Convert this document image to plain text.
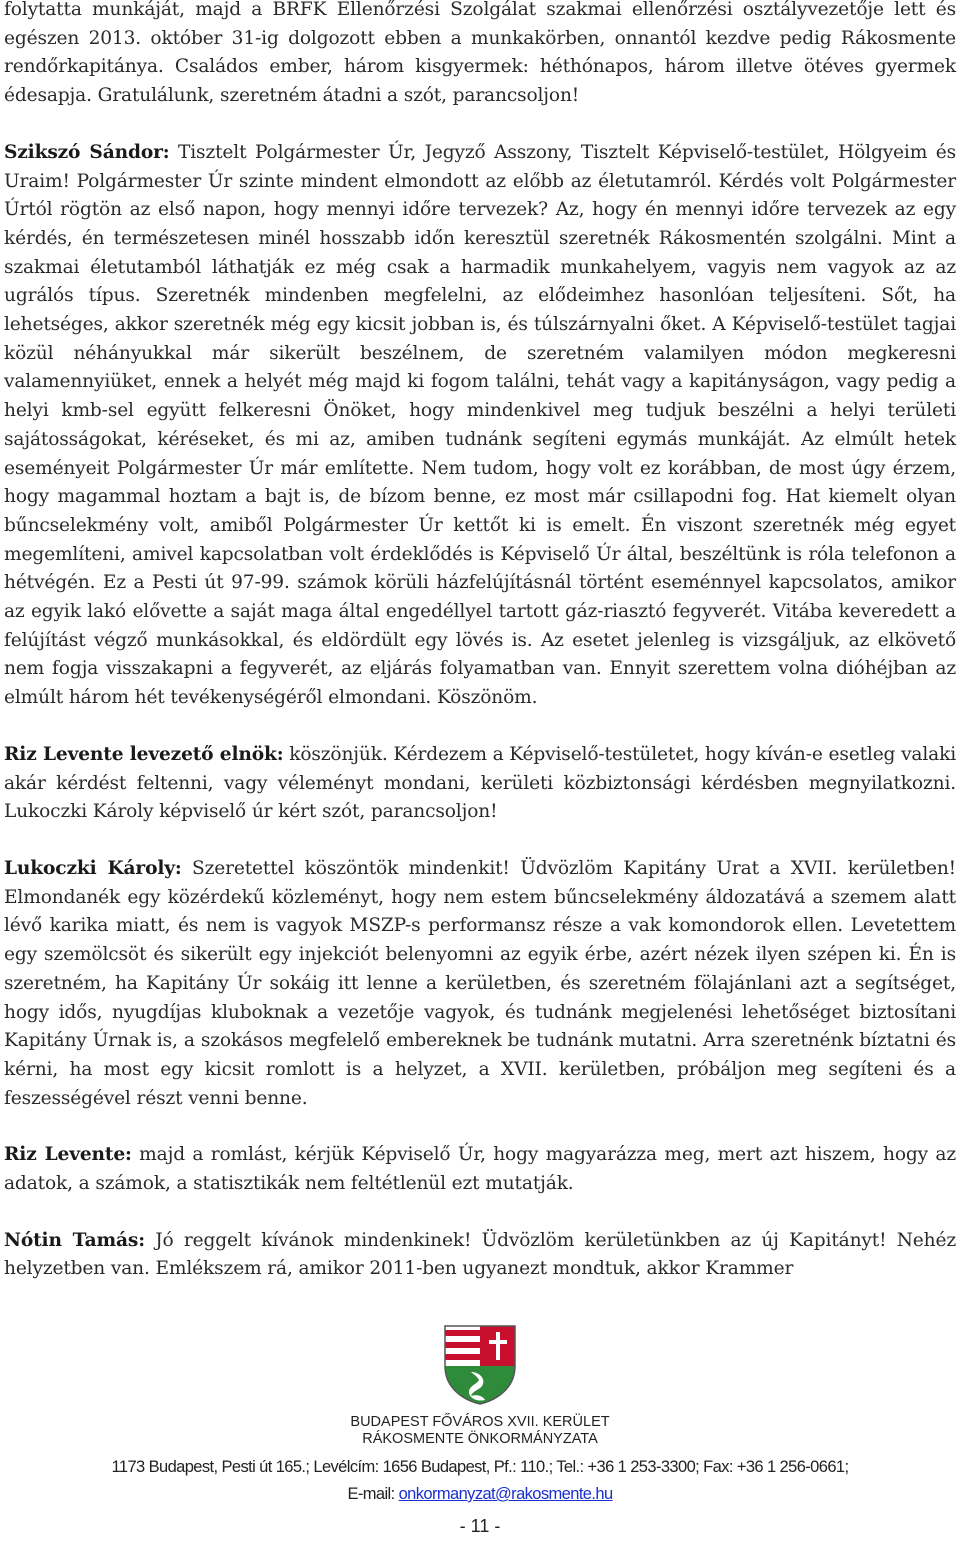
folytatta munkáját, majd a BRFK Ellenőrzési Szolgálat szakmai ellenőrzési osztályvezetője lett és egészen 2013. október 31-ig dolgozott ebben a munkakörben, onnantól kezdve pedig Rákosmente rendőrkapitánya. Családos ember, három kisgyermek: héthónapos, három illetve ötéves gyermek édesapja. Gratulálunk, szeretném átadni a szót, parancsoljon!

Szikszó Sándor: Tisztelt Polgármester Úr, Jegyző Asszony, Tisztelt Képviselő-testület, Hölgyeim és Uraim! Polgármester Úr szinte mindent elmondott az előbb az életutamról. Kérdés volt Polgármester Úrtól rögtön az első napon, hogy mennyi időre tervezek? Az, hogy én mennyi időre tervezek az egy kérdés, én természetesen minél hosszabb időn keresztül szeretnék Rákosmentén szolgálni. Mint a szakmai életutamból láthatják ez még csak a harmadik munkahelyem, vagyis nem vagyok az az ugrálós típus. Szeretnék mindenben megfelelni, az elődeimhez hasonlóan teljesíteni. Sőt, ha lehetséges, akkor szeretnék még egy kicsit jobban is, és túlszárnyalni őket. A Képviselő-testület tagjai közül néhányukkal már sikerült beszélnem, de szeretném valamilyen módon megkeresni valamennyiüket, ennek a helyét még majd ki fogom találni, tehát vagy a kapitányságon, vagy pedig a helyi kmb-sel együtt felkeresni Önöket, hogy mindenkivel meg tudjuk beszélni a helyi területi sajátosságokat, kéréseket, és mi az, amiben tudnánk segíteni egymás munkáját. Az elmúlt hetek eseményeit Polgármester Úr már említette. Nem tudom, hogy volt ez korábban, de most úgy érzem, hogy magammal hoztam a bajt is, de bízom benne, ez most már csillapodni fog. Hat kiemelt olyan bűncselekmény volt, amiből Polgármester Úr kettőt ki is emelt. Én viszont szeretnék még egyet megemlíteni, amivel kapcsolatban volt érdeklődés is Képviselő Úr által, beszéltünk is róla telefonon a hétvégén. Ez a Pesti út 97-99. számok körüli házfelújításnál történt eseménnyel kapcsolatos, amikor az egyik lakó elővette a saját maga által engedéllyel tartott gáz-riasztó fegyverét. Vitába keveredett a felújítást végző munkásokkal, és eldördült egy lövés is. Az esetet jelenleg is vizsgáljuk, az elkövető nem fogja visszakapni a fegyverét, az eljárás folyamatban van. Ennyit szerettem volna dióhéjban az elmúlt három hét tevékenységéről elmondani. Köszönöm.

Riz Levente levezető elnök: köszönjük. Kérdezem a Képviselő-testületet, hogy kíván-e esetleg valaki akár kérdést feltenni, vagy véleményt mondani, kerületi közbiztonsági kérdésben megnyilatkozni. Lukoczki Károly képviselő úr kért szót, parancsoljon!

Lukoczki Károly: Szeretettel köszöntök mindenkit! Üdvözlöm Kapitány Urat a XVII. kerületben! Elmondanék egy közérdekű közleményt, hogy nem estem bűncselekmény áldozatává a szemem alatt lévő karika miatt, és nem is vagyok MSZP-s performansz része a vak komondorok ellen. Levetettem egy szemölcsöt és sikerült egy injekciót belenyomni az egyik érbe, azért nézek ilyen szépen ki. Én is szeretném, ha Kapitány Úr sokáig itt lenne a kerületben, és szeretném fölajánlani azt a segítséget, hogy idős, nyugdíjas kluboknak a vezetője vagyok, és tudnánk megjelenési lehetőséget biztosítani Kapitány Úrnak is, a szokásos megfelelő embereknek be tudnánk mutatni. Arra szeretnénk bíztatni és kérni, ha most egy kicsit romlott is a helyzet, a XVII. kerületben, próbáljon meg segíteni és a feszességével részt venni benne.

Riz Levente: majd a romlást, kérjük Képviselő Úr, hogy magyarázza meg, mert azt hiszem, hogy az adatok, a számok, a statisztikák nem feltétlenül ezt mutatják.

Nótin Tamás: Jó reggelt kívánok mindenkinek! Üdvözlöm kerületünkben az új Kapitányt! Nehéz helyzetben van. Emlékszem rá, amikor 2011-ben ugyanezt mondtuk, akkor Krammer

BUDAPEST FŐVÁROS XVII. KERÜLET
RÁKOSMENTE ÖNKORMÁNYZATA
1173 Budapest, Pesti út 165.; Levélcím: 1656 Budapest, Pf.: 110.; Tel.: +36 1 253-3300; Fax: +36 1 256-0661;
E-mail: onkormanyzat@rakosmente.hu
- 11 -
